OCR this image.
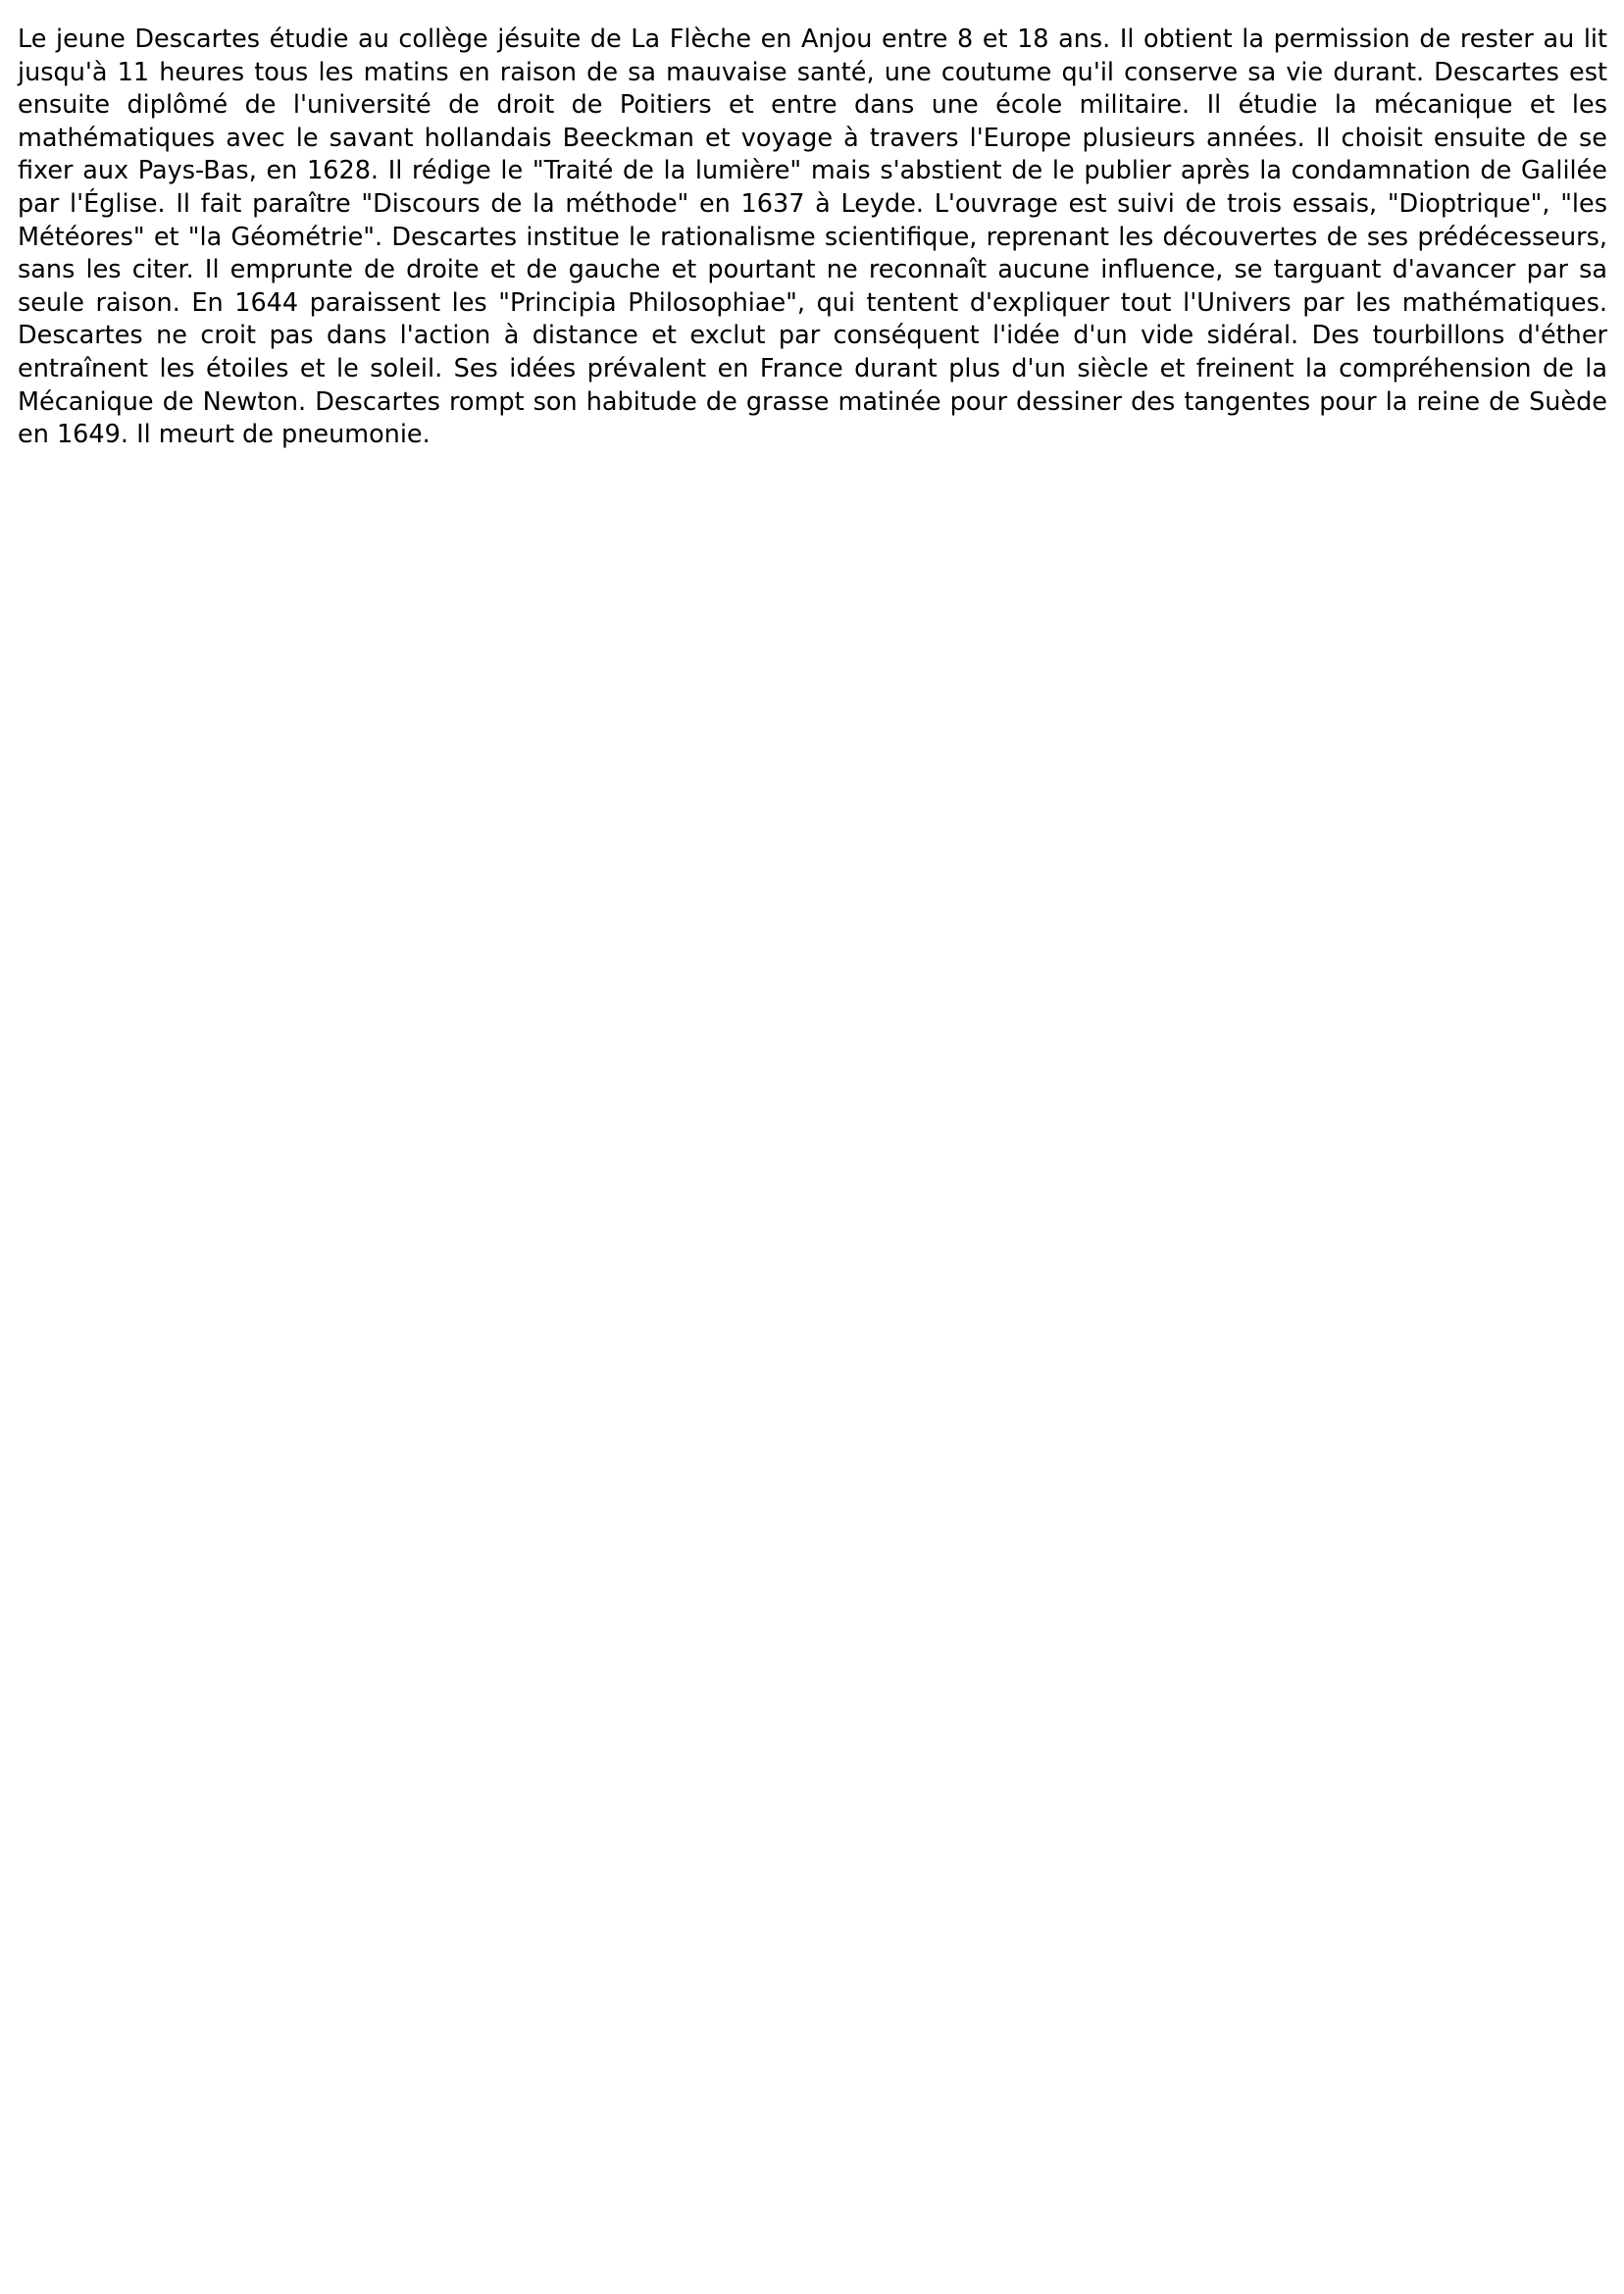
Le jeune Descartes étudie au collège jésuite de La Flèche en Anjou entre 8 et 18 ans. Il obtient la permission de rester au lit jusqu'à 11 heures tous les matins en raison de sa mauvaise santé, une coutume qu'il conserve sa vie durant. Descartes est ensuite diplômé de l'université de droit de Poitiers et entre dans une école militaire. Il étudie la mécanique et les mathématiques avec le savant hollandais Beeckman et voyage à travers l'Europe plusieurs années. Il choisit ensuite de se fixer aux Pays-Bas, en 1628. Il rédige le "Traité de la lumière" mais s'abstient de le publier après la condamnation de Galilée par l'Église. Il fait paraître "Discours de la méthode" en 1637 à Leyde. L'ouvrage est suivi de trois essais, "Dioptrique", "les Météores" et "la Géométrie". Descartes institue le rationalisme scientifique, reprenant les découvertes de ses prédécesseurs, sans les citer. Il emprunte de droite et de gauche et pourtant ne reconnaît aucune influence, se targuant d'avancer par sa seule raison. En 1644 paraissent les "Principia Philosophiae", qui tentent d'expliquer tout l'Univers par les mathématiques. Descartes ne croit pas dans l'action à distance et exclut par conséquent l'idée d'un vide sidéral. Des tourbillons d'éther entraînent les étoiles et le soleil. Ses idées prévalent en France durant plus d'un siècle et freinent la compréhension de la Mécanique de Newton. Descartes rompt son habitude de grasse matinée pour dessiner des tangentes pour la reine de Suède en 1649. Il meurt de pneumonie.
